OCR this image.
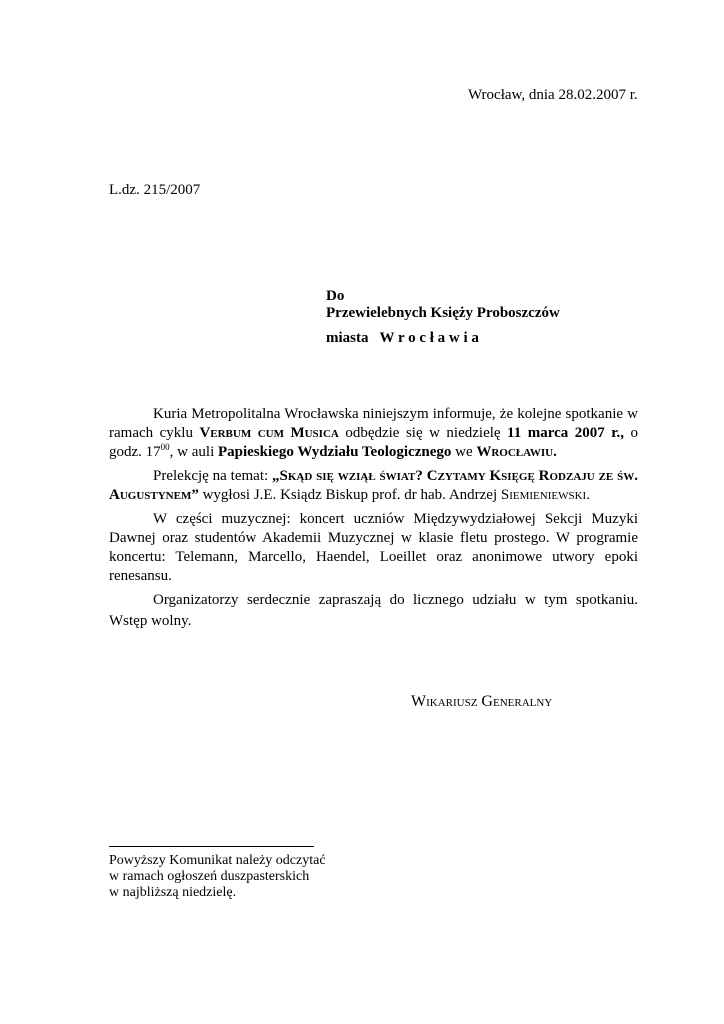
Wrocław, dnia 28.02.2007 r.
L.dz. 215/2007
Do
Przewielebnych Księży Proboszczów
miasta W r o c ł a w i a
Kuria Metropolitalna Wrocławska niniejszym informuje, że kolejne spotkanie w ramach cyklu Verbum cum Musica odbędzie się w niedzielę 11 marca 2007 r., o godz. $17^{00}$, w auli Papieskiego Wydziału Teologicznego we Wrocławiu.
Prelekcję na temat: „Skąd się wziął świat? Czytamy Księgę Rodzaju ze św. Augustynem” wygłosi J.E. Ksiądz Biskup prof. dr hab. Andrzej Siemieniewski.
W części muzycznej: koncert uczniów Międzywydziałowej Sekcji Muzyki Dawnej oraz studentów Akademii Muzycznej w klasie fletu prostego. W programie koncertu: Telemann, Marcello, Haendel, Loeillet oraz anonimowe utwory epoki renesansu.
Organizatorzy serdecznie zapraszają do licznego udziału w tym spotkaniu. Wstęp wolny.
Wikariusz Generalny
Powyższy Komunikat należy odczytać
w ramach ogłoszeń duszpasterskich
w najbliższą niedzielę.
